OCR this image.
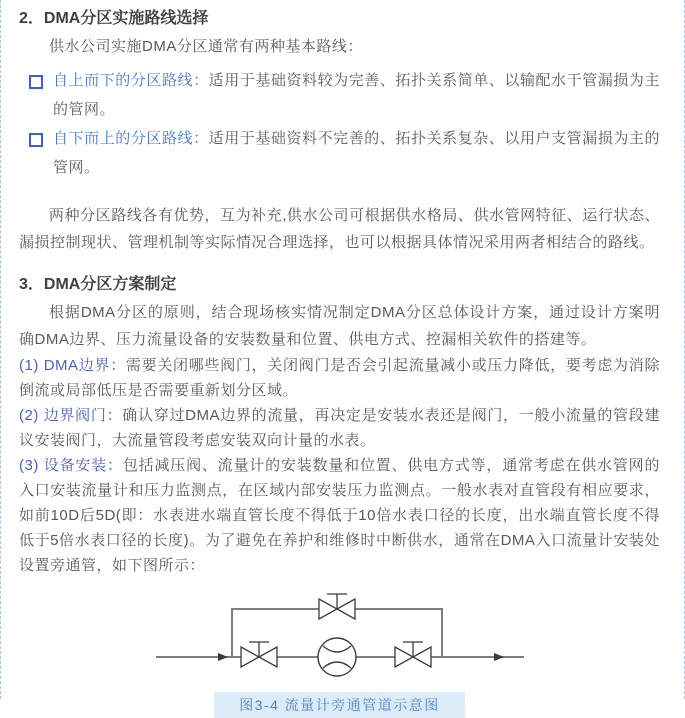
2．DMA分区实施路线选择

供水公司实施DMA分区通常有两种基本路线：

自上而下的分区路线：适用于基础资料较为完善、拓扑关系简单、以输配水干管漏损为主的管网。
自下而上的分区路线：适用于基础资料不完善的、拓扑关系复杂、以用户支管漏损为主的管网。

两种分区路线各有优势，互为补充,供水公司可根据供水格局、供水管网特征、运行状态、漏损控制现状、管理机制等实际情况合理选择，也可以根据具体情况采用两者相结合的路线。

3．DMA分区方案制定

根据DMA分区的原则，结合现场核实情况制定DMA分区总体设计方案，通过设计方案明确DMA边界、压力流量设备的安装数量和位置、供电方式、控漏相关软件的搭建等。

(1) DMA边界：需要关闭哪些阀门，关闭阀门是否会引起流量减小或压力降低，要考虑为消除倒流或局部低压是否需要重新划分区域。

(2) 边界阀门：确认穿过DMA边界的流量，再决定是安装水表还是阀门，一般小流量的管段建议安装阀门，大流量管段考虑安装双向计量的水表。

(3) 设备安装：包括减压阀、流量计的安装数量和位置、供电方式等，通常考虑在供水管网的入口安装流量计和压力监测点，在区域内部安装压力监测点。一般水表对直管段有相应要求，如前10D后5D(即：水表进水端直管长度不得低于10倍水表口径的长度，出水端直管长度不得低于5倍水表口径的长度)。为了避免在养护和维修时中断供水，通常在DMA入口流量计安装处设置旁通管，如下图所示：

图3-4 流量计旁通管道示意图
